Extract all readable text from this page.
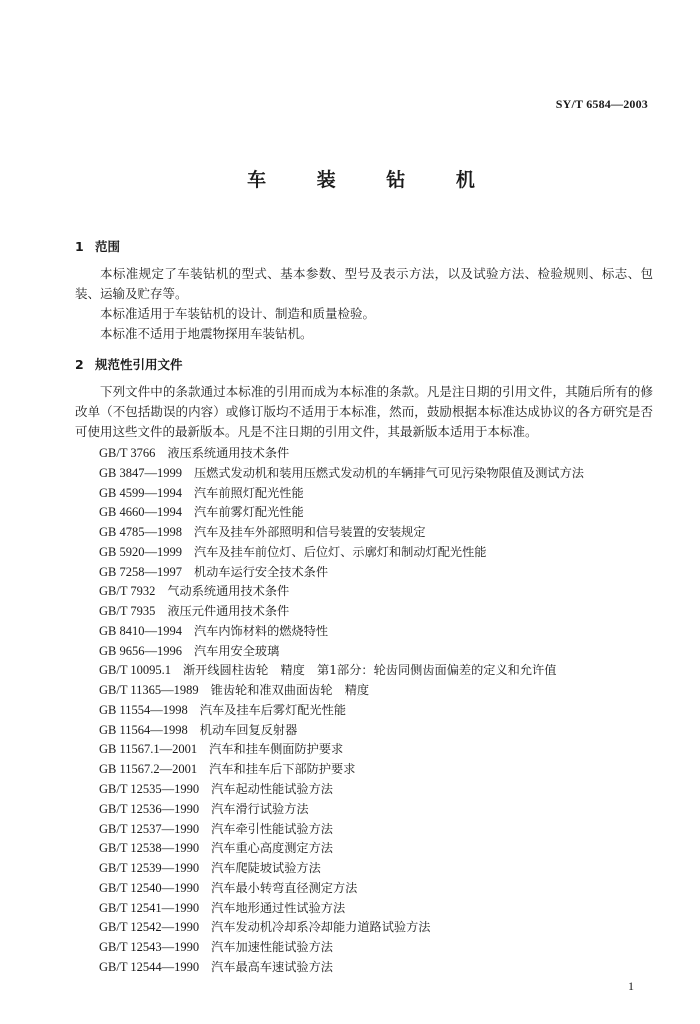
SY/T 6584—2003
车 装 钻 机
1 范围
本标准规定了车装钻机的型式、基本参数、型号及表示方法，以及试验方法、检验规则、标志、包装、运输及贮存等。
本标准适用于车装钻机的设计、制造和质量检验。
本标准不适用于地震物探用车装钻机。
2 规范性引用文件
下列文件中的条款通过本标准的引用而成为本标准的条款。凡是注日期的引用文件，其随后所有的修改单（不包括勘误的内容）或修订版均不适用于本标准，然而，鼓励根据本标准达成协议的各方研究是否可使用这些文件的最新版本。凡是不注日期的引用文件，其最新版本适用于本标准。
GB/T 3766 液压系统通用技术条件
GB 3847—1999 压燃式发动机和装用压燃式发动机的车辆排气可见污染物限值及测试方法
GB 4599—1994 汽车前照灯配光性能
GB 4660—1994 汽车前雾灯配光性能
GB 4785—1998 汽车及挂车外部照明和信号装置的安装规定
GB 5920—1999 汽车及挂车前位灯、后位灯、示廓灯和制动灯配光性能
GB 7258—1997 机动车运行安全技术条件
GB/T 7932 气动系统通用技术条件
GB/T 7935 液压元件通用技术条件
GB 8410—1994 汽车内饰材料的燃烧特性
GB 9656—1996 汽车用安全玻璃
GB/T 10095.1 渐开线圆柱齿轮　精度　第1部分：轮齿同侧齿面偏差的定义和允许值
GB/T 11365—1989 锥齿轮和准双曲面齿轮　精度
GB 11554—1998 汽车及挂车后雾灯配光性能
GB 11564—1998 机动车回复反射器
GB 11567.1—2001 汽车和挂车侧面防护要求
GB 11567.2—2001 汽车和挂车后下部防护要求
GB/T 12535—1990 汽车起动性能试验方法
GB/T 12536—1990 汽车滑行试验方法
GB/T 12537—1990 汽车牵引性能试验方法
GB/T 12538—1990 汽车重心高度测定方法
GB/T 12539—1990 汽车爬陡坡试验方法
GB/T 12540—1990 汽车最小转弯直径测定方法
GB/T 12541—1990 汽车地形通过性试验方法
GB/T 12542—1990 汽车发动机冷却系冷却能力道路试验方法
GB/T 12543—1990 汽车加速性能试验方法
GB/T 12544—1990 汽车最高车速试验方法
1
